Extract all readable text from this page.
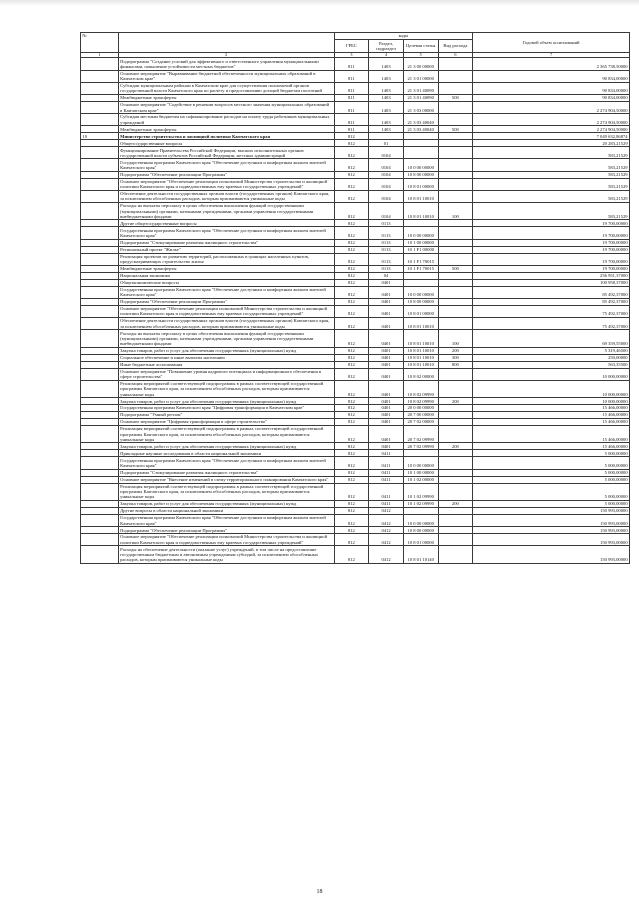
№		коды				Годовой объем ассигнований
		ГРБС	Раздел, подраздел	Целевая статья	Вид расхода	
1	2	3	4	5	6	7
	Подпрограмма "Создание условий для эффективного и ответственного управления муниципальными финансами, повышение устойчивости местных бюджетов"	811	1403	21 3 00 00000		2 365 738,50000
	Основное мероприятие "Выравнивание бюджетной обеспеченности муниципальных образований в Камчатском крае"	811	1403	21 3 01 00000		90 834,00000
	Субсидии муниципальным районам в Камчатском крае для осуществления полномочий органов государственной власти Камчатского края по расчету и предоставлению дотаций бюджетам поселений	811	1403	21 3 01 40090		90 834,00000
	Межбюджетные трансферты	811	1403	21 3 01 40090	500	90 834,00000
	Основное мероприятие "Содействие в решении вопросов местного значения муниципальных образований в Камчатском крае"	811	1403	21 3 03 00000		2 274 904,50000
	Субсидия местным бюджетам на софинансирование расходов на оплату труда работников муниципальных учреждений	811	1403	21 3 03 40040		2 274 904,50000
	Межбюджетные трансферты	811	1403	21 3 03 40040	500	2 274 904,50000
10	Министерство строительства и жилищной политики Камчатского края	812				7 049 632,86874
	Общегосударственные вопросы	812	01			20 283,21529
	Функционирование Правительства Российской Федерации, высших исполнительных органов государственной власти субъектов Российской Федерации, местных администраций	812	0104			583,21529
	Государственная программа Камчатского края "Обеспечение доступным и комфортным жильем жителей Камчатского края"	812	0104	10 0 00 00000		583,21529
	Подпрограмма "Обеспечение реализации Программы"	812	0104	10 8 00 00000		583,21529
	Основное мероприятие "Обеспечение реализации полномочий Министерства строительства и жилищной политики Камчатского края и подведомственных ему краевых государственных учреждений"	812	0104	10 8 01 00000		583,21529
	Обеспечение деятельности государственных органов власти (государственных органов) Камчатского края, за исключением обособленных расходов, которым присваиваются уникальные коды	812	0104	10 8 01 10010		583,21529
	Расходы на выплаты персоналу в целях обеспечения выполнения функций государственными (муниципальными) органами, казенными учреждениями, органами управления государственными внебюджетными фондами	812	0104	10 8 01 10010	100	583,21529
	Другие общегосударственные вопросы	812	0113			19 700,00000
	Государственная программа Камчатского края "Обеспечение доступным и комфортным жильем жителей Камчатского края"	812	0113	10 0 00 00000		19 700,00000
	Подпрограмма "Стимулирование развития жилищного строительства"	812	0113	10 1 00 00000		19 700,00000
	Региональный проект "Жилье"	812	0113	10 1 F1 00000		19 700,00000
	Реализация проектов по развитию территорий, расположенных в границах населенных пунктов, предусматривающих строительство жилья	812	0113	10 1 F1 70015		19 700,00000
	Межбюджетные трансферты	812	0113	10 1 F1 70015	500	19 700,00000
	Национальная экономика	812	04			256 951,37000
	Общеэкономические вопросы	812	0401			100 958,37000
	Государственная программа Камчатского края "Обеспечение доступным и комфортным жильем жителей Камчатского края"	812	0401	10 0 00 00000		85 492,37000
	Подпрограмма "Обеспечение реализации Программы"	812	0401	10 8 00 00000		85 492,37000
	Основное мероприятие "Обеспечение реализации полномочий Министерства строительства и жилищной политики Камчатского края и подведомственных ему краевых государственных учреждений"	812	0401	10 8 01 00000		75 492,37000
	Обеспечение деятельности государственных органов власти (государственных органов) Камчатского края, за исключением обособленных расходов, которым присваиваются уникальные коды	812	0401	10 8 01 10010		75 492,37000
	Расходы на выплаты персоналу в целях обеспечения выполнения функций государственными (муниципальными) органами, казенными учреждениями, органами управления государственными внебюджетными фондами	812	0401	10 8 01 10010	100	69 359,55000
	Закупка товаров, работ и услуг для обеспечения государственных (муниципальных) нужд	812	0401	10 8 01 10010	200	5 319,46500
	Социальное обеспечение и иные выплаты населению	812	0401	10 8 01 10010	300	250,00000
	Иные бюджетные ассигнования	812	0401	10 8 01 10010	800	563,35500
	Основное мероприятие "Повышение уровня кадрового потенциала и информационного обеспечения в сфере строительства"	812	0401	10 8 02 00000		10 000,00000
	Реализация мероприятий соответствующей подпрограммы в рамках соответствующей государственной программы Камчатского края, за исключением обособленных расходов, которым присваиваются уникальные коды	812	0401	10 8 02 09990		10 000,00000
	Закупка товаров, работ и услуг для обеспечения государственных (муниципальных) нужд	812	0401	10 8 02 09990	200	10 000,00000
	Государственная программа Камчатского края "Цифровая трансформация в Камчатском крае"	812	0401	20 0 00 00000		15 466,00000
	Подпрограмма "Умный регион"	812	0401	20 7 00 00000		15 466,00000
	Основное мероприятие "Цифровая трансформация в сфере строительства"	812	0401	20 7 02 00000		15 466,00000
	Реализация мероприятий соответствующей подпрограммы в рамках соответствующей государственной программы Камчатского края, за исключением обособленных расходов, которым присваиваются уникальные коды	812	0401	20 7 02 09990		15 466,00000
	Закупка товаров, работ и услуг для обеспечения государственных (муниципальных) нужд	812	0401	20 7 02 09990	200	15 466,00000
	Прикладные научные исследования в области национальной экономики	812	0411			5 000,00000
	Государственная программа Камчатского края "Обеспечение доступным и комфортным жильем жителей Камчатского края"	812	0411	10 0 00 00000		5 000,00000
	Подпрограмма "Стимулирование развития жилищного строительства"	812	0411	10 1 00 00000		5 000,00000
	Основное мероприятие "Внесение изменений в схему территориального планирования Камчатского края"	812	0411	10 1 02 00000		5 000,00000
	Реализация мероприятий соответствующей подпрограммы в рамках соответствующей государственной программы Камчатского края, за исключением обособленных расходов, которым присваиваются уникальные коды	812	0411	10 1 02 09990		5 000,00000
	Закупка товаров, работ и услуг для обеспечения государственных (муниципальных) нужд	812	0411	10 1 02 09990	200	5 000,00000
	Другие вопросы в области национальной экономики	812	0412			150 993,00000
	Государственная программа Камчатского края "Обеспечение доступным и комфортным жильем жителей Камчатского края"	812	0412	10 0 00 00000		150 993,00000
	Подпрограмма "Обеспечение реализации Программы"	812	0412	10 8 00 00000		150 993,00000
	Основное мероприятие "Обеспечение реализации полномочий Министерства строительства и жилищной политики Камчатского края и подведомственных ему краевых государственных учреждений"	812	0412	10 8 01 00000		150 993,00000
	Расходы на обеспечение деятельности (оказание услуг) учреждений, в том числе на предоставление государственным бюджетным и автономным учреждениям субсидий, за исключением обособленных расходов, которым присваиваются уникальные коды	812	0412	10 8 01 10140		150 993,00000
18
